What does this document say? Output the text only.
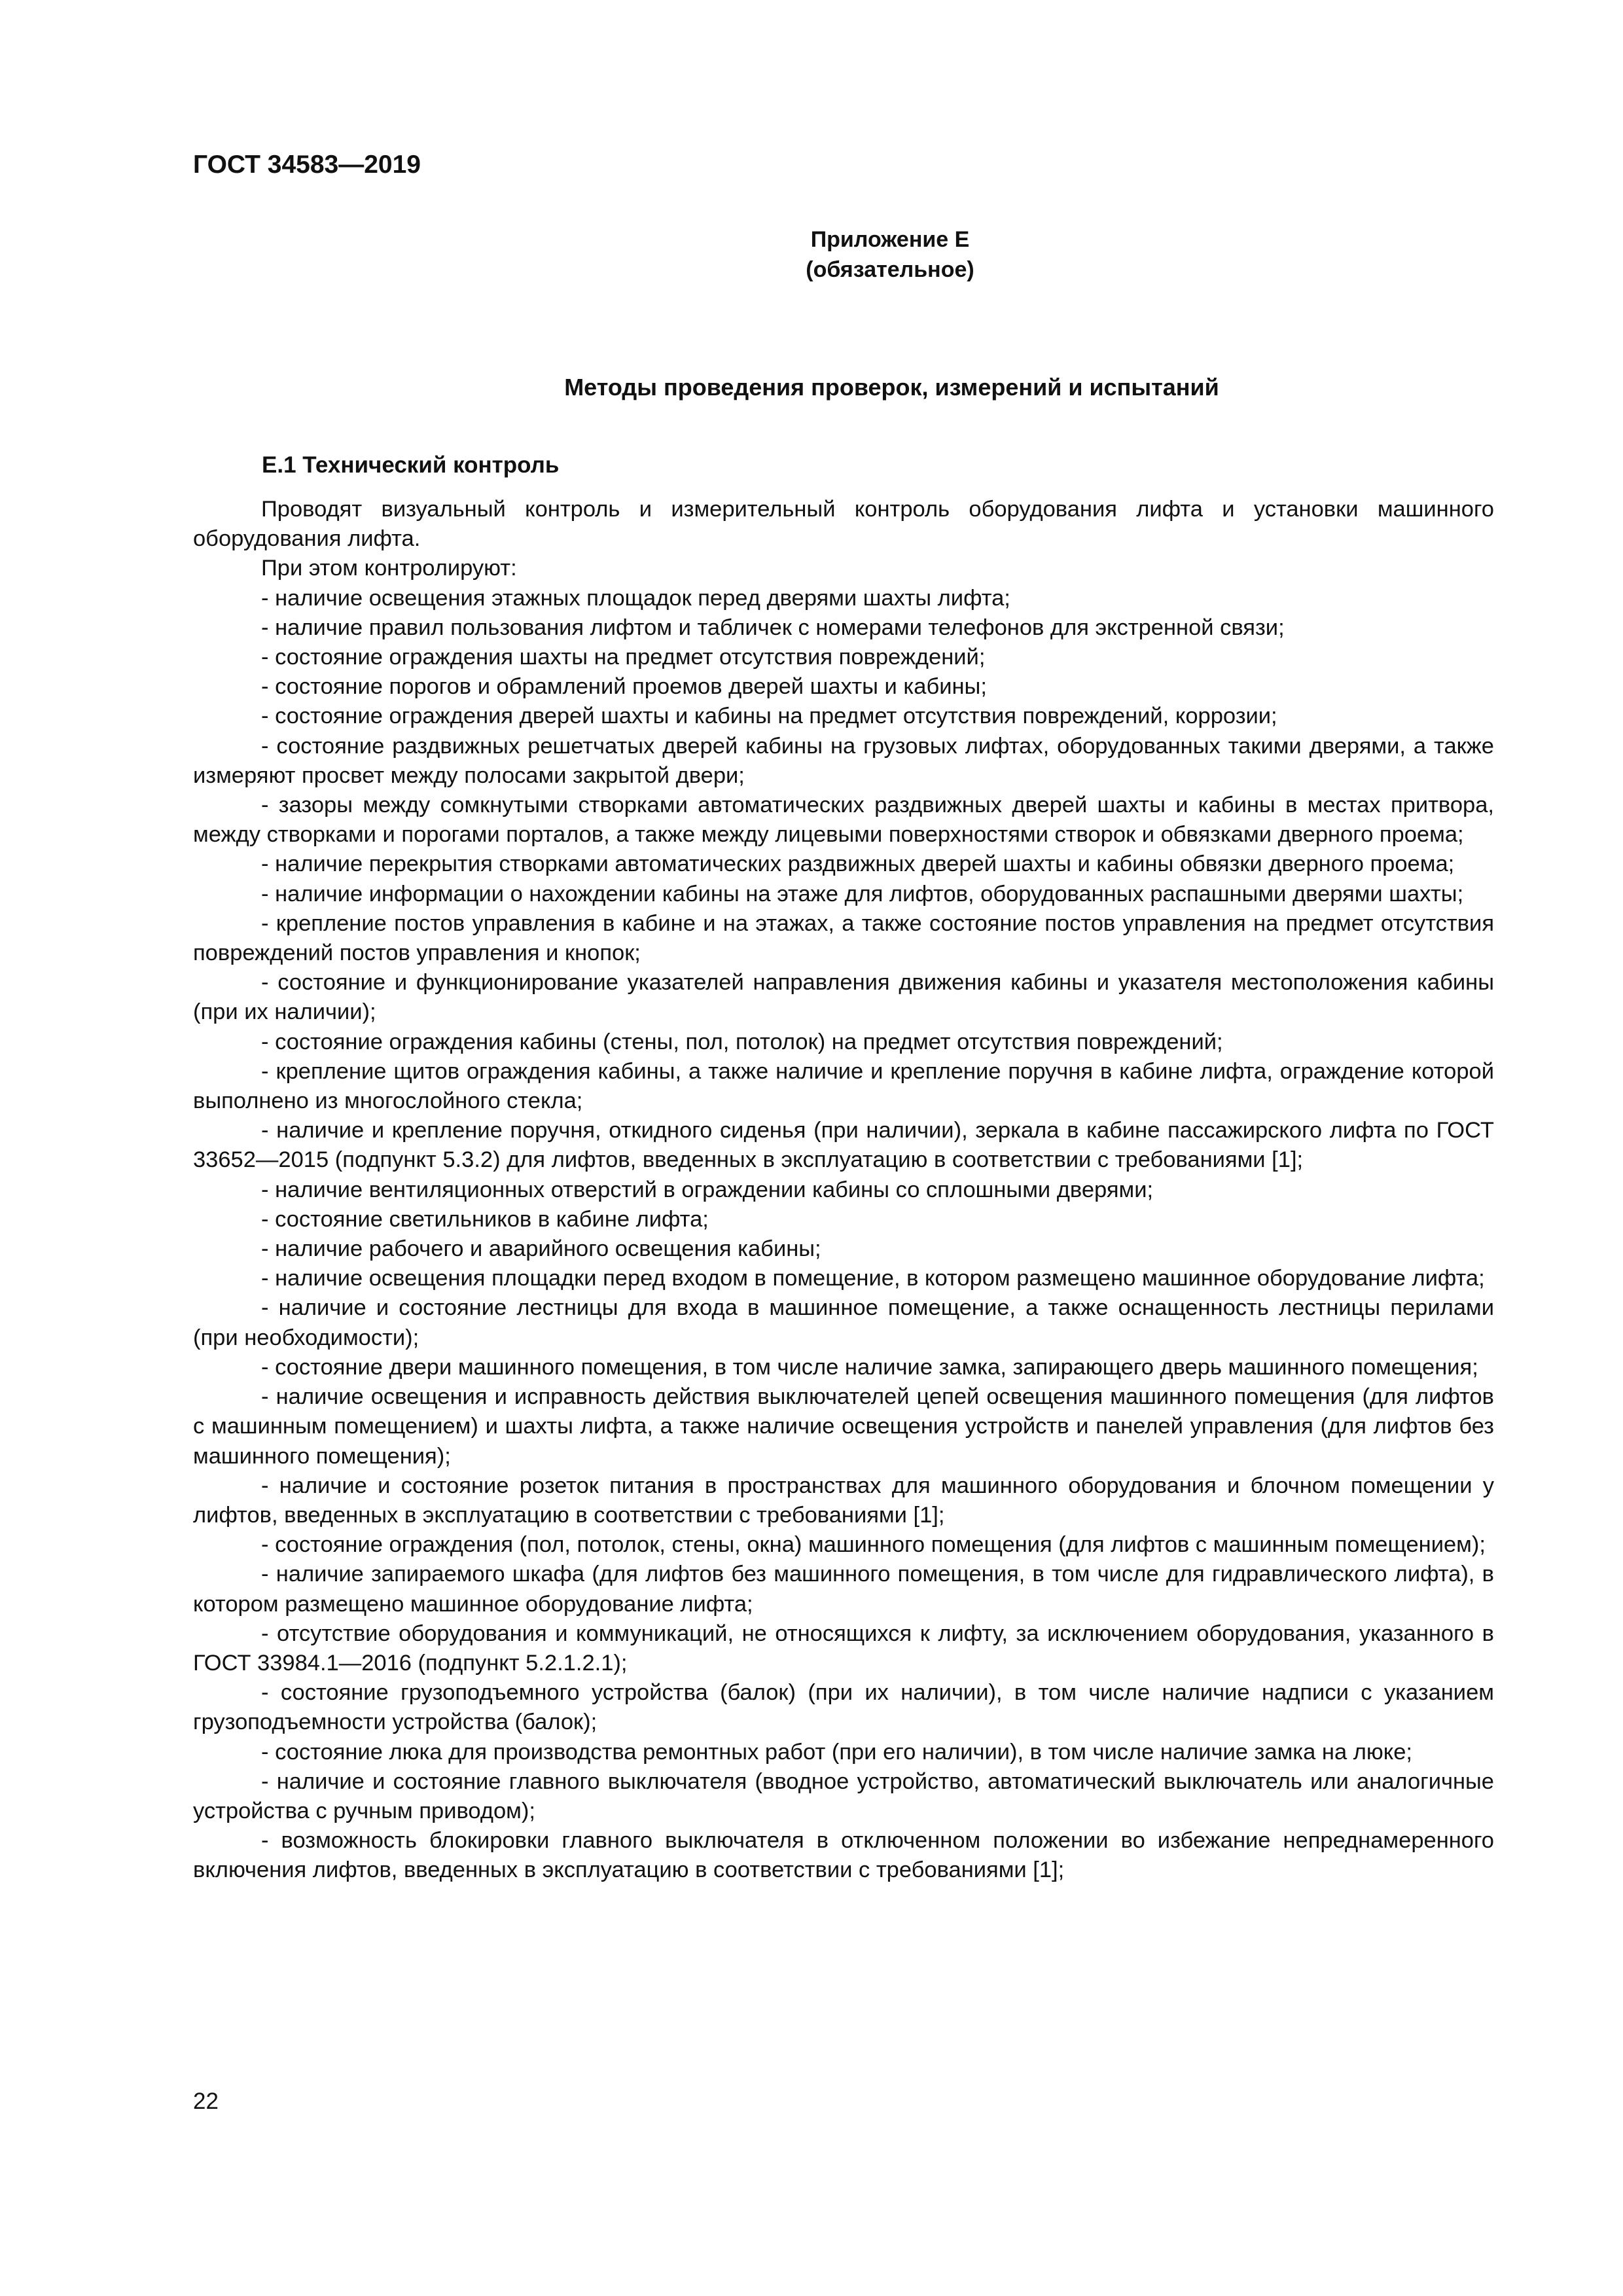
ГОСТ 34583—2019
Приложение Е
(обязательное)
Методы проведения проверок, измерений и испытаний
Е.1 Технический контроль

Проводят визуальный контроль и измерительный контроль оборудования лифта и установки машинного оборудования лифта.

При этом контролируют:

- наличие освещения этажных площадок перед дверями шахты лифта;

- наличие правил пользования лифтом и табличек с номерами телефонов для экстренной связи;

- состояние ограждения шахты на предмет отсутствия повреждений;

- состояние порогов и обрамлений проемов дверей шахты и кабины;

- состояние ограждения дверей шахты и кабины на предмет отсутствия повреждений, коррозии;

- состояние раздвижных решетчатых дверей кабины на грузовых лифтах, оборудованных такими дверями, а также измеряют просвет между полосами закрытой двери;

- зазоры между сомкнутыми створками автоматических раздвижных дверей шахты и кабины в местах притвора, между створками и порогами порталов, а также между лицевыми поверхностями створок и обвязками дверного проема;

- наличие перекрытия створками автоматических раздвижных дверей шахты и кабины обвязки дверного проема;

- наличие информации о нахождении кабины на этаже для лифтов, оборудованных распашными дверями шахты;

- крепление постов управления в кабине и на этажах, а также состояние постов управления на предмет отсутствия повреждений постов управления и кнопок;

- состояние и функционирование указателей направления движения кабины и указателя местоположения кабины (при их наличии);

- состояние ограждения кабины (стены, пол, потолок) на предмет отсутствия повреждений;

- крепление щитов ограждения кабины, а также наличие и крепление поручня в кабине лифта, ограждение которой выполнено из многослойного стекла;

- наличие и крепление поручня, откидного сиденья (при наличии), зеркала в кабине пассажирского лифта по ГОСТ 33652—2015 (подпункт 5.3.2) для лифтов, введенных в эксплуатацию в соответствии с требованиями [1];

- наличие вентиляционных отверстий в ограждении кабины со сплошными дверями;

- состояние светильников в кабине лифта;

- наличие рабочего и аварийного освещения кабины;

- наличие освещения площадки перед входом в помещение, в котором размещено машинное оборудование лифта;

- наличие и состояние лестницы для входа в машинное помещение, а также оснащенность лестницы перилами (при необходимости);

- состояние двери машинного помещения, в том числе наличие замка, запирающего дверь машинного помещения;

- наличие освещения и исправность действия выключателей цепей освещения машинного помещения (для лифтов с машинным помещением) и шахты лифта, а также наличие освещения устройств и панелей управления (для лифтов без машинного помещения);

- наличие и состояние розеток питания в пространствах для машинного оборудования и блочном помещении у лифтов, введенных в эксплуатацию в соответствии с требованиями [1];

- состояние ограждения (пол, потолок, стены, окна) машинного помещения (для лифтов с машинным помещением);

- наличие запираемого шкафа (для лифтов без машинного помещения, в том числе для гидравлического лифта), в котором размещено машинное оборудование лифта;

- отсутствие оборудования и коммуникаций, не относящихся к лифту, за исключением оборудования, указанного в ГОСТ 33984.1—2016 (подпункт 5.2.1.2.1);

- состояние грузоподъемного устройства (балок) (при их наличии), в том числе наличие надписи с указанием грузоподъемности устройства (балок);

- состояние люка для производства ремонтных работ (при его наличии), в том числе наличие замка на люке;

- наличие и состояние главного выключателя (вводное устройство, автоматический выключатель или аналогичные устройства с ручным приводом);

- возможность блокировки главного выключателя в отключенном положении во избежание непреднамеренного включения лифтов, введенных в эксплуатацию в соответствии с требованиями [1];

22
